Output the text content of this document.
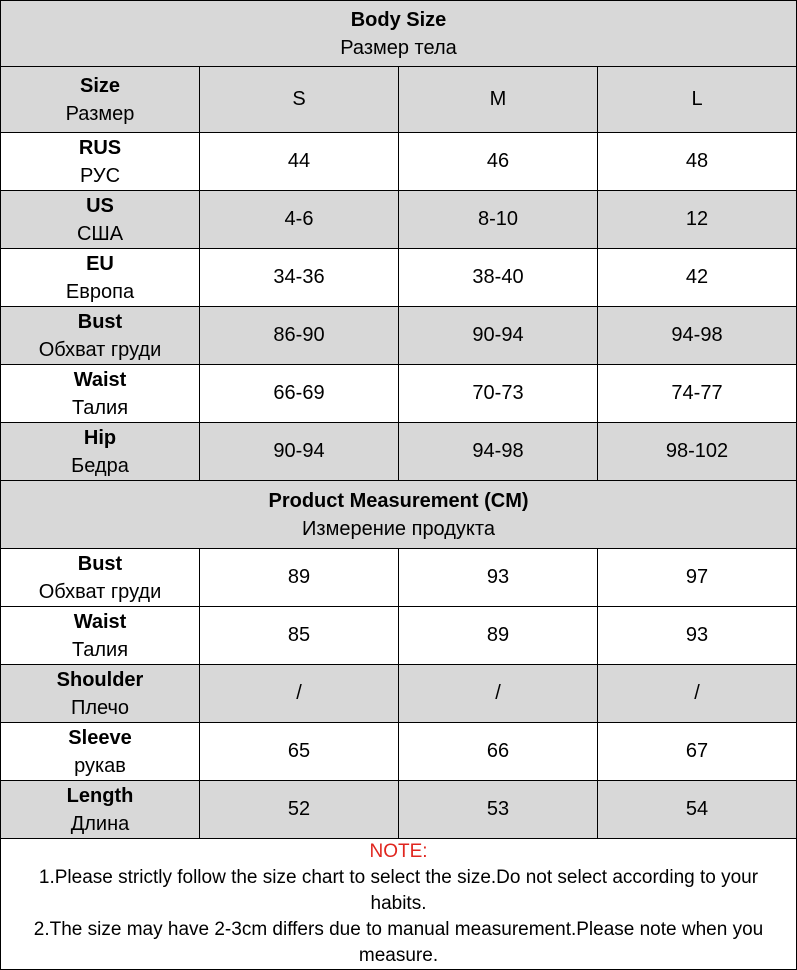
Body Size
Размер тела			

Size
Размер	S	M	L

RUS
РУС	44	46	48

US
США	4-6	8-10	12

EU
Европа	34-36	38-40	42

Bust
Обхват груди	86-90	90-94	94-98

Waist
Талия	66-69	70-73	74-77

Hip
Бедра	90-94	94-98	98-102

Product Measurement (CM)
Измерение продукта			

Bust
Обхват груди	89	93	97

Waist
Талия	85	89	93

Shoulder
Плечо	/	/	/

Sleeve
рукав	65	66	67

Length
Длина	52	53	54

NOTE:
1.Please strictly follow the size chart to select the size.Do not select according to your habits.
2.The size may have 2-3cm differs due to manual measurement.Please note when you measure.			
